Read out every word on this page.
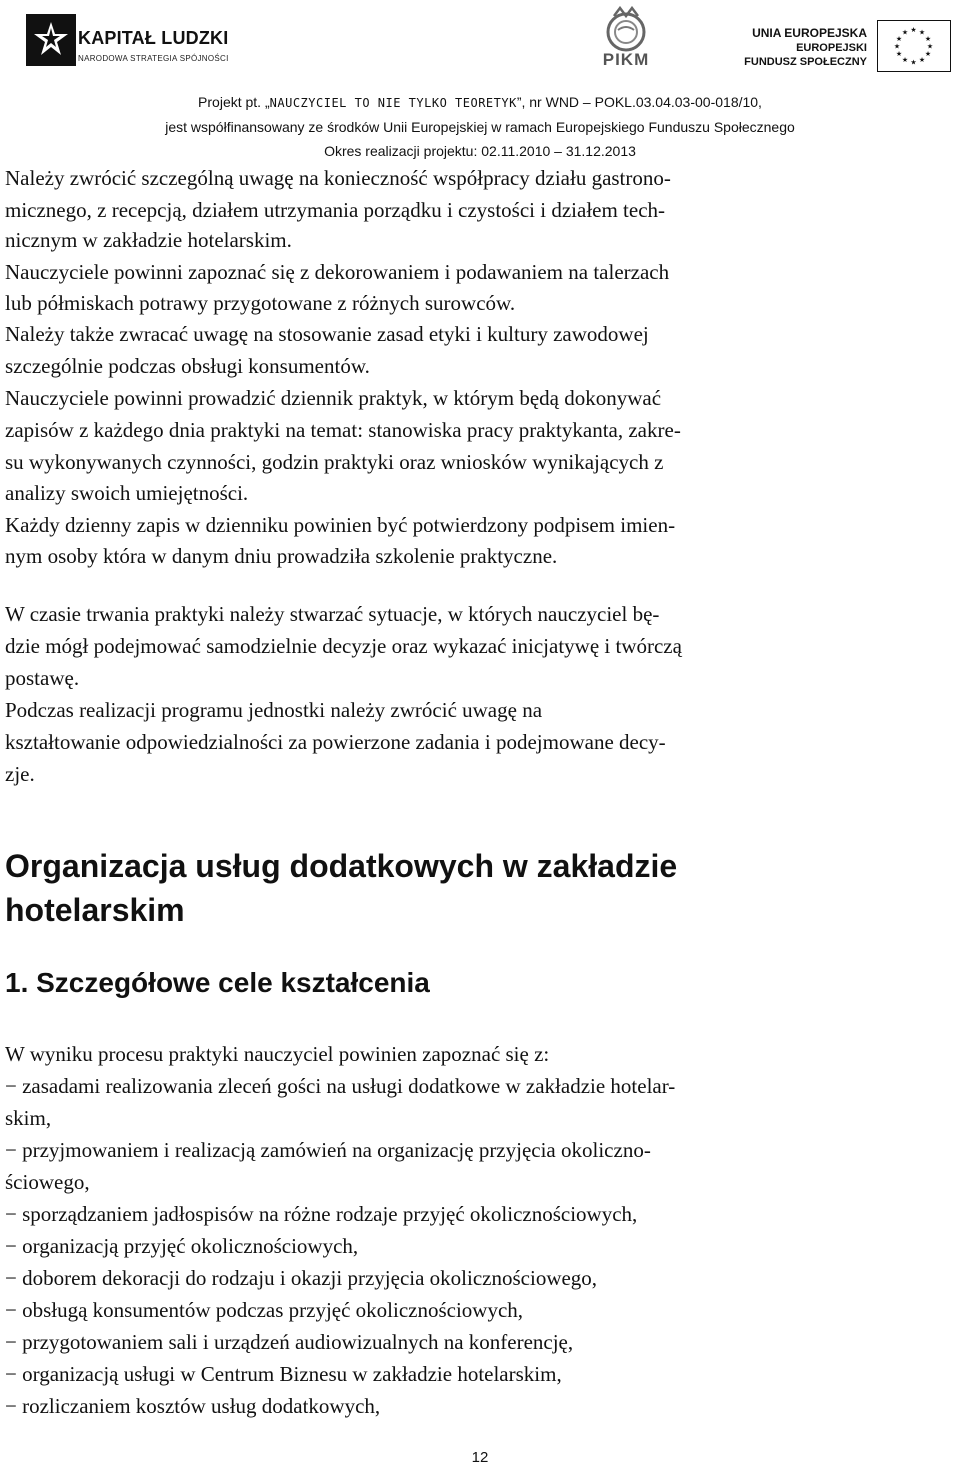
KAPITAŁ LUDZKI
NARODOWA STRATEGIA SPÓJNOŚCI	PIKM
UNIA EUROPEJSKA
EUROPEJSKI
FUNDUSZ SPOŁECZNY
★ ★
★
★
★
★
★
★
★
★
★
★
Projekt pt. „NAUCZYCIEL TO NIE TYLKO TEORETYK”, nr WND – POKL.03.04.03-00-018/10,
jest współfinansowany ze środków Unii Europejskiej w ramach Europejskiego Funduszu Społecznego
Okres realizacji projektu: 02.11.2010 – 31.12.2013
Należy zwrócić szczególną uwagę na konieczność współpracy działu gastrono-
micznego, z recepcją, działem utrzymania porządku i czystości i działem tech-
nicznym w zakładzie hotelarskim.
Nauczyciele powinni zapoznać się z dekorowaniem i podawaniem na talerzach
lub półmiskach potrawy przygotowane z różnych surowców.
Należy także zwracać uwagę na stosowanie zasad etyki i kultury zawodowej
szczególnie podczas obsługi konsumentów.
Nauczyciele powinni prowadzić dziennik praktyk, w którym będą dokonywać
zapisów z każdego dnia praktyki na temat: stanowiska pracy praktykanta, zakre-
su wykonywanych czynności, godzin praktyki oraz wniosków wynikających z
analizy swoich umiejętności.
Każdy dzienny zapis w dzienniku powinien być potwierdzony podpisem imien-
nym osoby która w danym dniu prowadziła szkolenie praktyczne.
W czasie trwania praktyki należy stwarzać sytuacje, w których nauczyciel bę-
dzie mógł podejmować samodzielnie decyzje oraz wykazać inicjatywę i twórczą
postawę.
Podczas realizacji programu jednostki należy zwrócić uwagę na
kształtowanie odpowiedzialności za powierzone zadania i podejmowane decy-
zje.
Organizacja usług dodatkowych w zakładzie
hotelarskim
1. Szczegółowe cele kształcenia
W wyniku procesu praktyki nauczyciel powinien zapoznać się z:
− zasadami realizowania zleceń gości na usługi dodatkowe w zakładzie hotelar-
skim,
− przyjmowaniem i realizacją zamówień na organizację przyjęcia okoliczno-
ściowego,
− sporządzaniem jadłospisów na różne rodzaje przyjęć okolicznościowych,
− organizacją przyjęć okolicznościowych,
− doborem dekoracji do rodzaju i okazji przyjęcia okolicznościowego,
− obsługą konsumentów podczas przyjęć okolicznościowych,
− przygotowaniem sali i urządzeń audiowizualnych na konferencję,
− organizacją usługi w Centrum Biznesu w zakładzie hotelarskim,
− rozliczaniem kosztów usług dodatkowych,
12
